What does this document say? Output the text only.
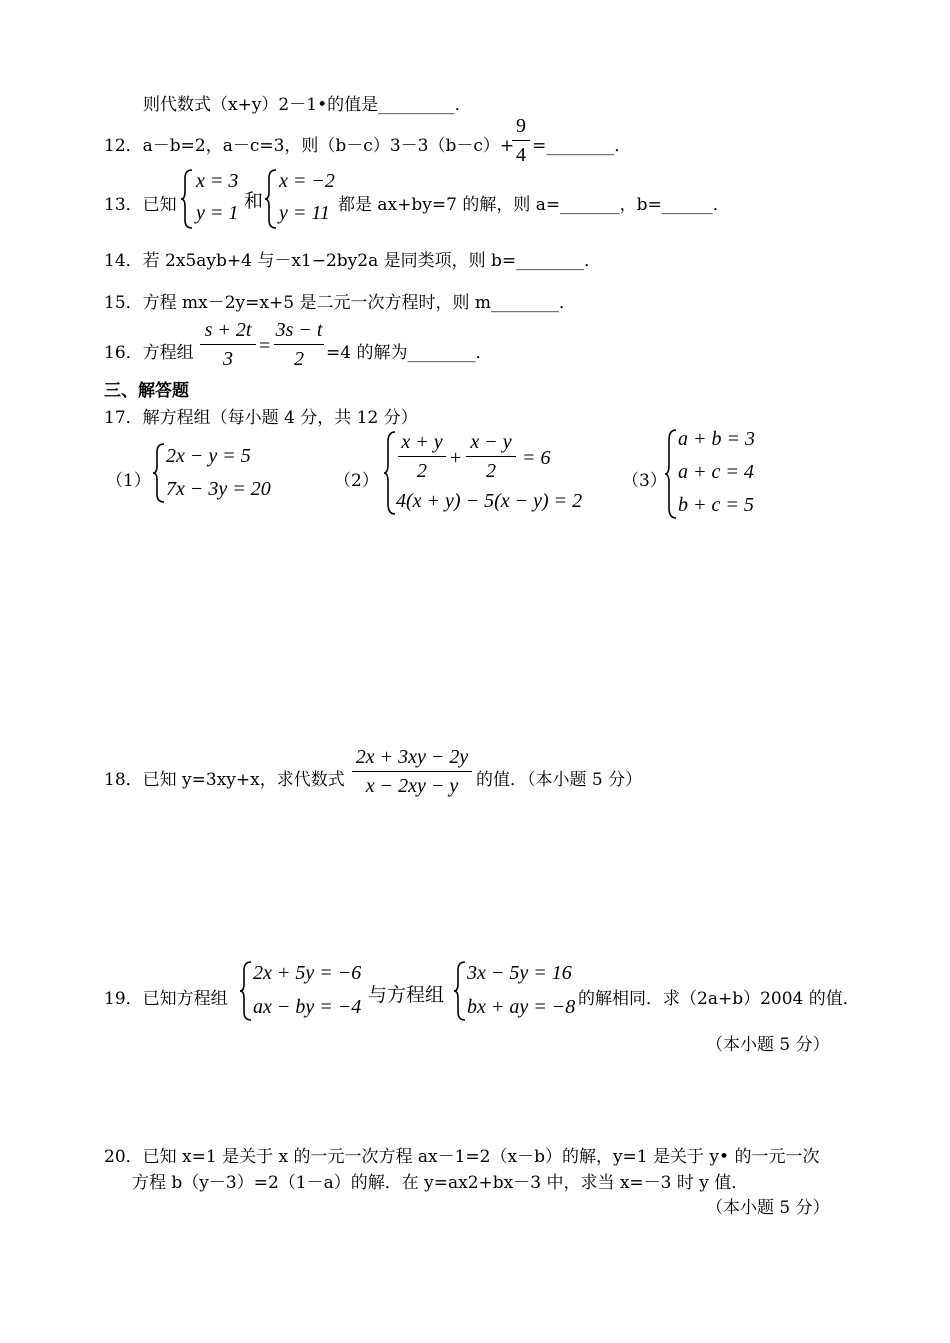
则代数式（x+y）2－1•的值是_________．
12．a－b=2，a－c=3，则（b－c）3－3（b－c）+
9
4 =________．
13．已知
x = 3
y = 1
和
x = −2
y = 11 都是 ax+by=7 的解，则 a=_______，b=______．
14．若 2x5ayb+4 与－x1−2by2a 是同类项，则 b=________．
15．方程 mx－2y=x+5 是二元一次方程时，则 m________．
16．方程组
s + 2t
3
=
3s − t
2	=4 的解为________．
三、解答题
17．解方程组（每小题 4 分，共 12 分）
（1）
2x − y = 5
7x − 3y = 20	（2）
x + y
2
+
x − y
2
= 6
4(x + y) − 5(x − y) = 2
（3）
a + b = 3
a + c = 4
b + c = 5
18．已知 y=3xy+x，求代数式
2x + 3xy − 2y
x − 2xy − y	的值．（本小题 5 分）
19．已知方程组
2x + 5y = −6
ax − by = −4
与方程组
3x − 5y = 16
bx + ay = −8 的解相同．求（2a+b）2004 的值．
（本小题 5 分）
20．已知 x=1 是关于 x 的一元一次方程 ax－1=2（x－b）的解，y=1 是关于 y• 的一元一次
方程 b（y－3）=2（1－a）的解．在 y=ax2+bx－3 中，求当 x=－3 时 y 值．
（本小题 5 分）
